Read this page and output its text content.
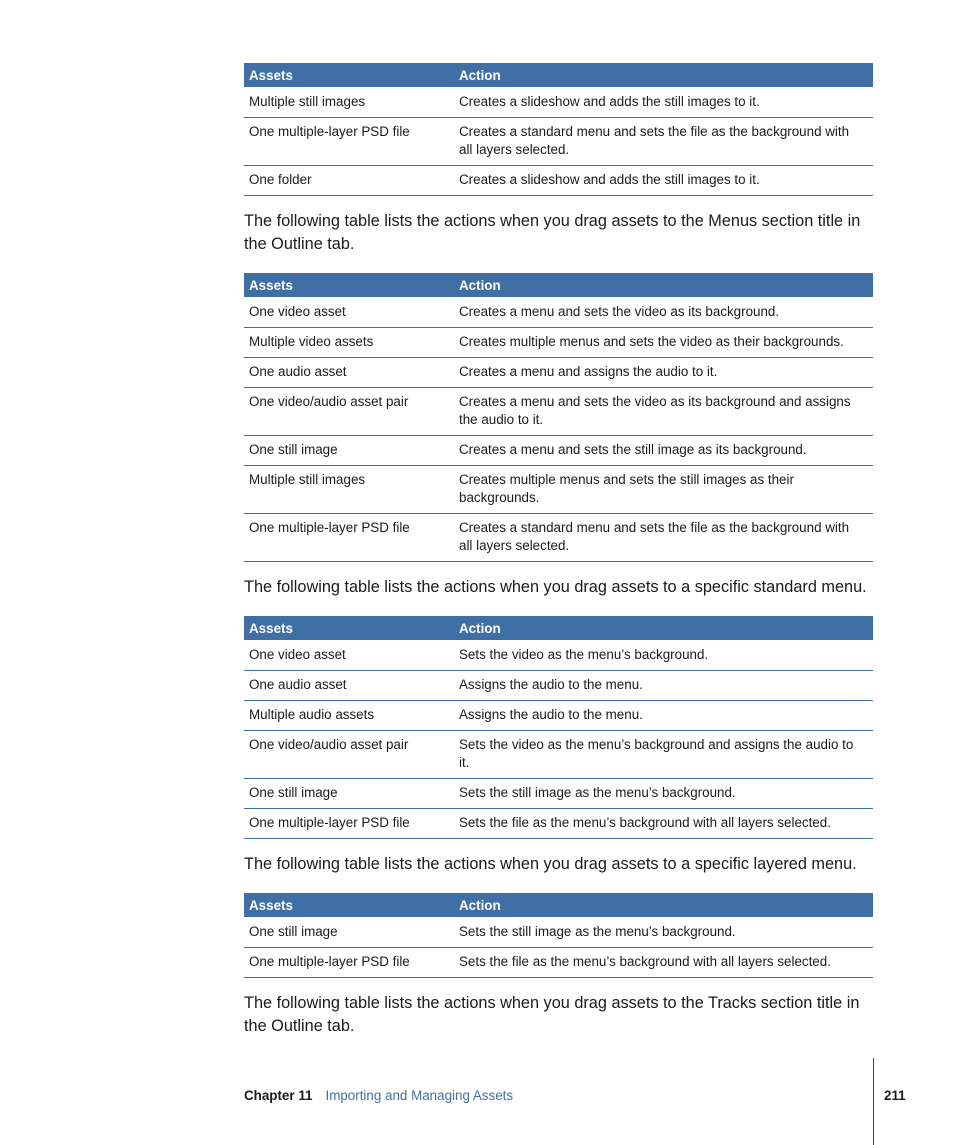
Assets	Action
Multiple still images	Creates a slideshow and adds the still images to it.
One multiple-layer PSD file	Creates a standard menu and sets the file as the background with all layers selected.
One folder	Creates a slideshow and adds the still images to it.

The following table lists the actions when you drag assets to the Menus section title in the Outline tab.

Assets	Action
One video asset	Creates a menu and sets the video as its background.
Multiple video assets	Creates multiple menus and sets the video as their backgrounds.
One audio asset	Creates a menu and assigns the audio to it.
One video/audio asset pair	Creates a menu and sets the video as its background and assigns the audio to it.
One still image	Creates a menu and sets the still image as its background.
Multiple still images	Creates multiple menus and sets the still images as their backgrounds.
One multiple-layer PSD file	Creates a standard menu and sets the file as the background with all layers selected.

The following table lists the actions when you drag assets to a specific standard menu.

Assets	Action
One video asset	Sets the video as the menu’s background.
One audio asset	Assigns the audio to the menu.
Multiple audio assets	Assigns the audio to the menu.
One video/audio asset pair	Sets the video as the menu’s background and assigns the audio to it.
One still image	Sets the still image as the menu’s background.
One multiple-layer PSD file	Sets the file as the menu’s background with all layers selected.

The following table lists the actions when you drag assets to a specific layered menu.

Assets	Action
One still image	Sets the still image as the menu’s background.
One multiple-layer PSD file	Sets the file as the menu’s background with all layers selected.

The following table lists the actions when you drag assets to the Tracks section title in the Outline tab.

Chapter 11 Importing and Managing Assets	211
